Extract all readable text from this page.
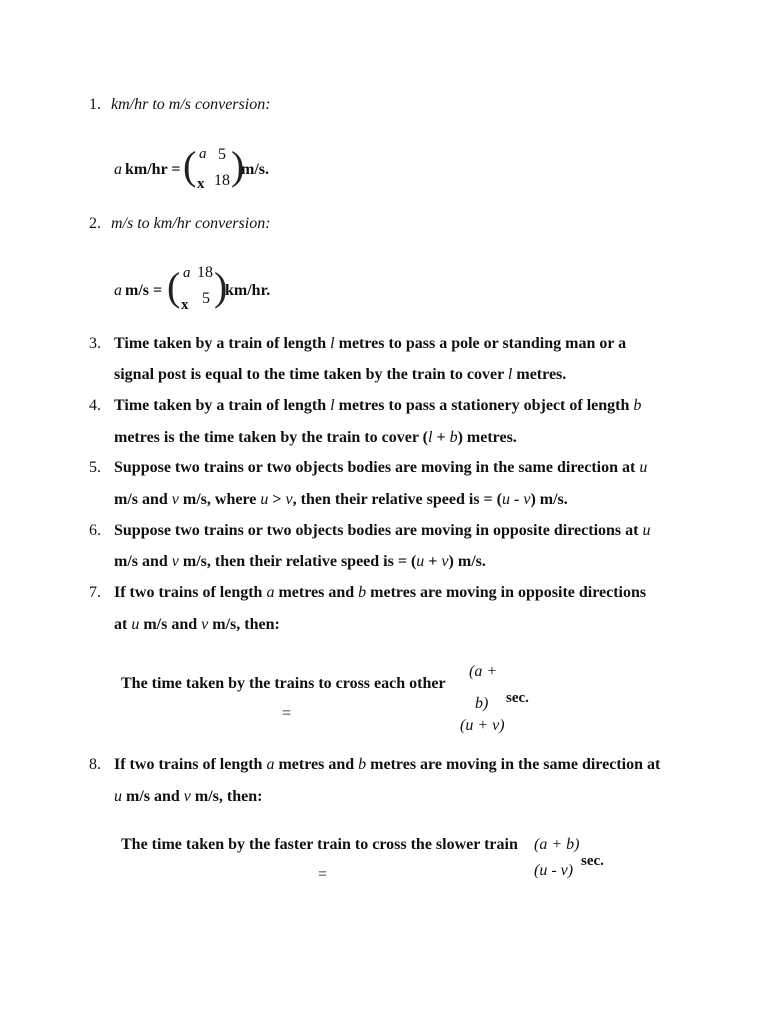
1. km/hr to m/s conversion:
a km/hr = ( a 5
x 18 )
m/s.
2. m/s to km/hr conversion:
a m/s = ( a 18
x 5 )
km/hr.
3. Time taken by a train of length l metres to pass a pole or standing man or a
signal post is equal to the time taken by the train to cover l metres.
4. Time taken by a train of length l metres to pass a stationery object of length b
metres is the time taken by the train to cover (l + b) metres.
5. Suppose two trains or two objects bodies are moving in the same direction at u
m/s and v m/s, where u > v, then their relative speed is = (u - v) m/s.
6. Suppose two trains or two objects bodies are moving in opposite directions at u
m/s and v m/s, then their relative speed is = (u + v) m/s.
7. If two trains of length a metres and b metres are moving in opposite directions
at u m/s and v m/s, then:
The time taken by the trains to cross each other
=
(a +
b) sec.
(u + v)
8. If two trains of length a metres and b metres are moving in the same direction at
u m/s and v m/s, then:
The time taken by the faster train to cross the slower train
=
(a + b)
(u - v)
sec.
